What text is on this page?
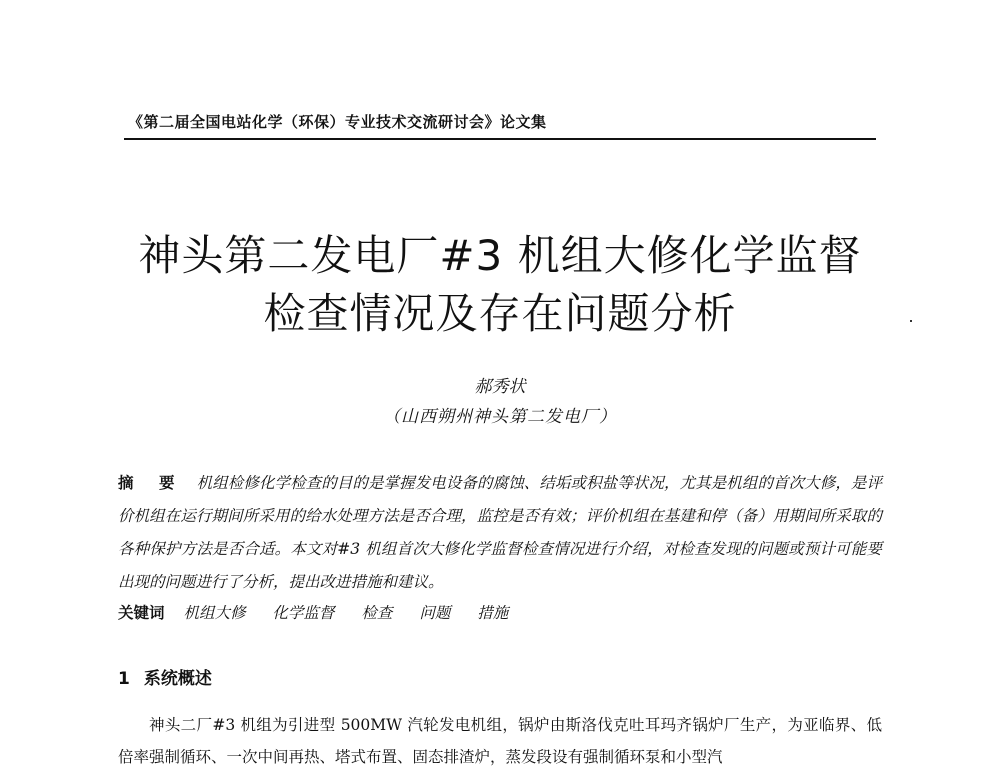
《第二届全国电站化学（环保）专业技术交流研讨会》论文集
神头第二发电厂#3 机组大修化学监督
检查情况及存在问题分析
郝秀状
（山西朔州神头第二发电厂）
摘 要 机组检修化学检查的目的是掌握发电设备的腐蚀、结垢或积盐等状况，尤其是机组的首次大修，是评价机组在运行期间所采用的给水处理方法是否合理，监控是否有效；评价机组在基建和停（备）用期间所采取的各种保护方法是否合适。本文对#3 机组首次大修化学监督检查情况进行介绍，对检查发现的问题或预计可能要出现的问题进行了分析，提出改进措施和建议。
关键词 机组大修 化学监督 检查 问题 措施
1 系统概述
神头二厂#3 机组为引进型 500MW 汽轮发电机组，锅炉由斯洛伐克吐耳玛齐锅炉厂生产，为亚临界、低倍率强制循环、一次中间再热、塔式布置、固态排渣炉，蒸发段设有强制循环泵和小型汽
